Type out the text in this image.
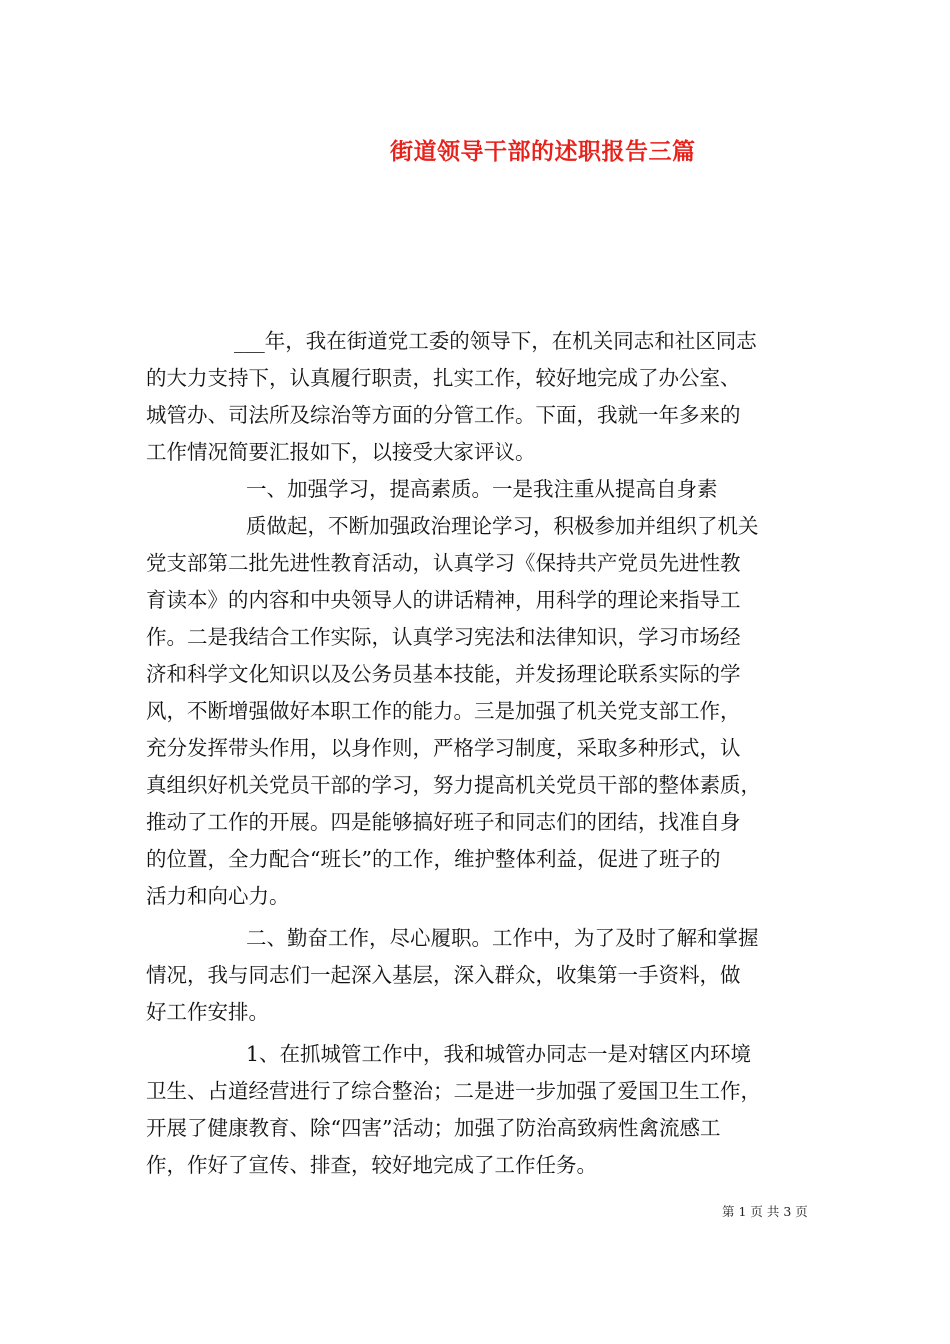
街道领导干部的述职报告三篇
___年，我在街道党工委的领导下，在机关同志和社区同志
的大力支持下，认真履行职责，扎实工作，较好地完成了办公室、
城管办、司法所及综治等方面的分管工作。下面，我就一年多来的
工作情况简要汇报如下，以接受大家评议。
一、加强学习，提高素质。一是我注重从提高自身素
质做起，不断加强政治理论学习，积极参加并组织了机关
党支部第二批先进性教育活动，认真学习《保持共产党员先进性教
育读本》的内容和中央领导人的讲话精神，用科学的理论来指导工
作。二是我结合工作实际，认真学习宪法和法律知识，学习市场经
济和科学文化知识以及公务员基本技能，并发扬理论联系实际的学
风，不断增强做好本职工作的能力。三是加强了机关党支部工作，
充分发挥带头作用，以身作则，严格学习制度，采取多种形式，认
真组织好机关党员干部的学习，努力提高机关党员干部的整体素质，
推动了工作的开展。四是能够搞好班子和同志们的团结，找准自身
的位置，全力配合“班长”的工作，维护整体利益，促进了班子的
活力和向心力。
二、勤奋工作，尽心履职。工作中，为了及时了解和掌握
情况，我与同志们一起深入基层，深入群众，收集第一手资料，做
好工作安排。
1、在抓城管工作中，我和城管办同志一是对辖区内环境
卫生、占道经营进行了综合整治；二是进一步加强了爱国卫生工作，
开展了健康教育、除“四害”活动；加强了防治高致病性禽流感工
作，作好了宣传、排查，较好地完成了工作任务。
第 1 页 共 3 页
